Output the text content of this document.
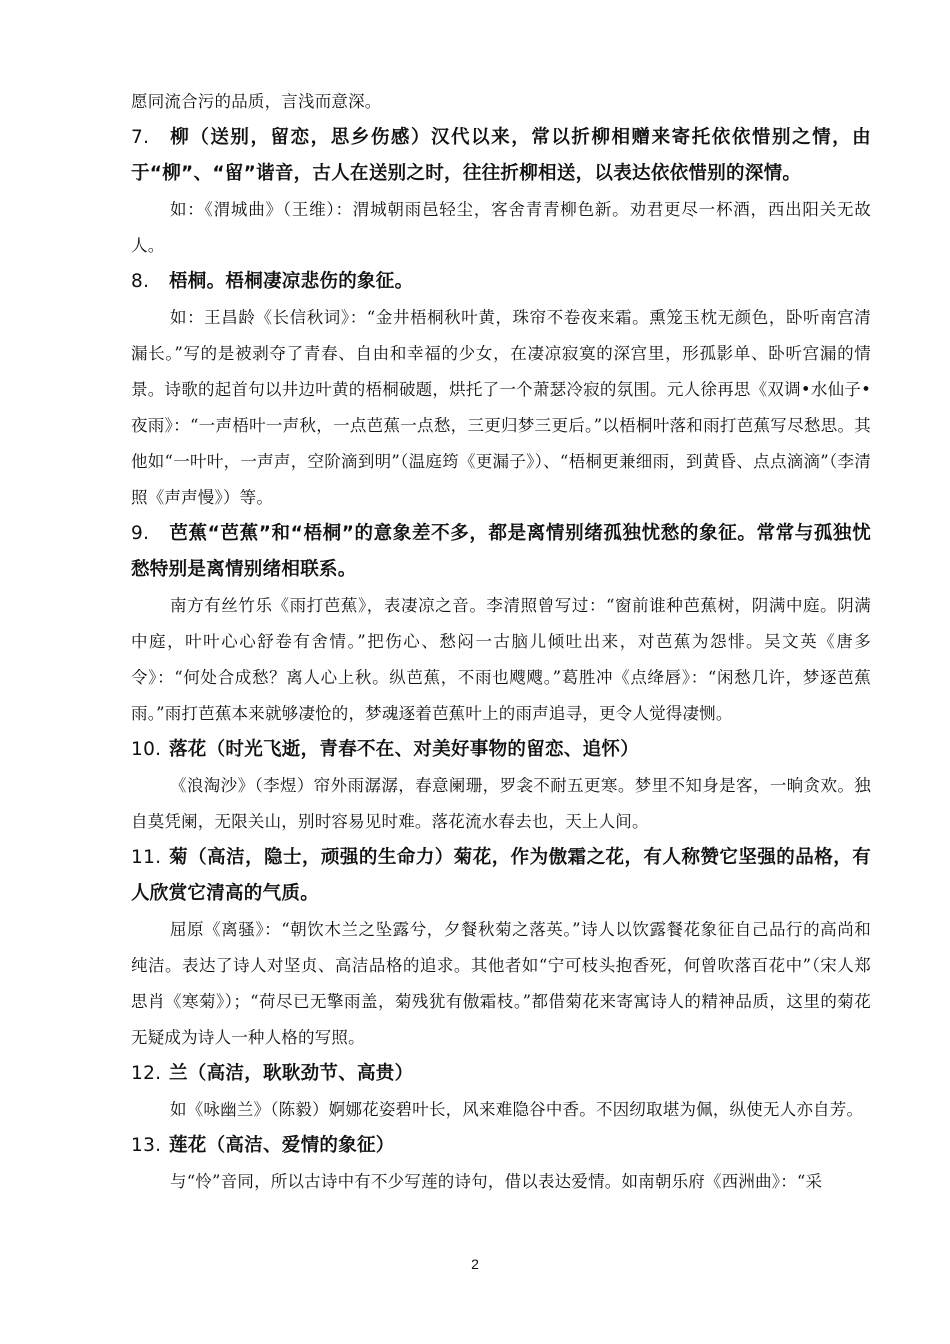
愿同流合污的品质，言浅而意深。

7. 柳（送别，留恋，思乡伤感）汉代以来，常以折柳相赠来寄托依依惜别之情，由于“柳”、“留”谐音，古人在送别之时，往往折柳相送，以表达依依惜别的深情。

如：《渭城曲》（王维）：渭城朝雨邑轻尘，客舍青青柳色新。劝君更尽一杯酒，西出阳关无故人。

8. 梧桐。梧桐凄凉悲伤的象征。

如：王昌龄《长信秋词》：“金井梧桐秋叶黄，珠帘不卷夜来霜。熏笼玉枕无颜色，卧听南宫清漏长。”写的是被剥夺了青春、自由和幸福的少女，在凄凉寂寞的深宫里，形孤影单、卧听宫漏的情景。诗歌的起首句以井边叶黄的梧桐破题，烘托了一个萧瑟冷寂的氛围。元人徐再思《双调•水仙子•夜雨》：“一声梧叶一声秋，一点芭蕉一点愁，三更归梦三更后。”以梧桐叶落和雨打芭蕉写尽愁思。其他如“一叶叶，一声声，空阶滴到明”（温庭筠《更漏子》）、“梧桐更兼细雨，到黄昏、点点滴滴”（李清照《声声慢》）等。

9. 芭蕉“芭蕉”和“梧桐”的意象差不多，都是离情别绪孤独忧愁的象征。常常与孤独忧愁特别是离情别绪相联系。

南方有丝竹乐《雨打芭蕉》，表凄凉之音。李清照曾写过：“窗前谁种芭蕉树，阴满中庭。阴满中庭，叶叶心心舒卷有舍情。”把伤心、愁闷一古脑儿倾吐出来，对芭蕉为怨悱。吴文英《唐多令》：“何处合成愁？离人心上秋。纵芭蕉，不雨也飕飕。”葛胜冲《点绛唇》：“闲愁几许，梦逐芭蕉雨。”雨打芭蕉本来就够凄怆的，梦魂逐着芭蕉叶上的雨声追寻，更令人觉得凄恻。

10. 落花（时光飞逝，青春不在、对美好事物的留恋、追怀）

《浪淘沙》（李煜）帘外雨潺潺，春意阑珊，罗衾不耐五更寒。梦里不知身是客，一晌贪欢。独自莫凭阑，无限关山，别时容易见时难。落花流水春去也，天上人间。

11. 菊（高洁，隐士，顽强的生命力）菊花，作为傲霜之花，有人称赞它坚强的品格，有人欣赏它清高的气质。

屈原《离骚》：“朝饮木兰之坠露兮，夕餐秋菊之落英。”诗人以饮露餐花象征自己品行的高尚和纯洁。表达了诗人对坚贞、高洁品格的追求。其他者如“宁可枝头抱香死，何曾吹落百花中”（宋人郑思肖《寒菊》）；“荷尽已无擎雨盖，菊残犹有傲霜枝。”都借菊花来寄寓诗人的精神品质，这里的菊花无疑成为诗人一种人格的写照。

12. 兰（高洁，耿耿劲节、高贵）

如《咏幽兰》（陈毅）婀娜花姿碧叶长，风来难隐谷中香。不因纫取堪为佩，纵使无人亦自芳。

13. 莲花（高洁、爱情的象征）

与“怜”音同，所以古诗中有不少写莲的诗句，借以表达爱情。如南朝乐府《西洲曲》：“采

2
